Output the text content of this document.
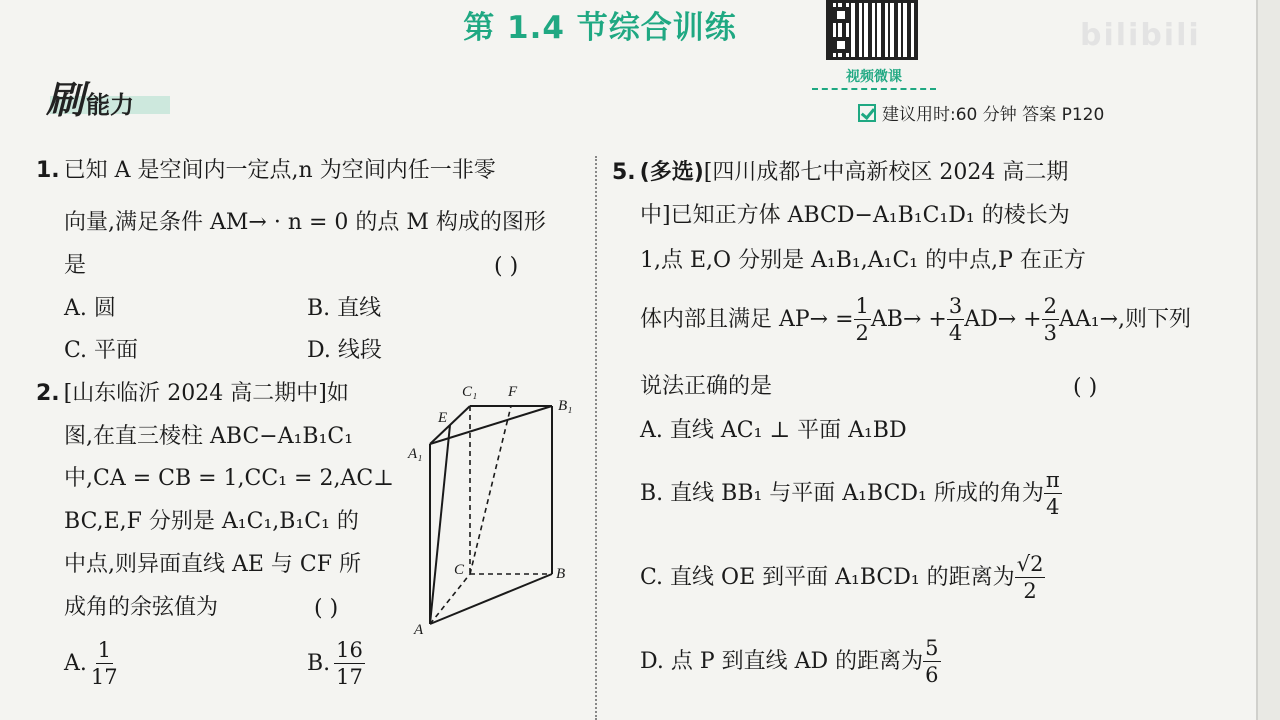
第 1.4 节综合训练
视频微课
bilibili
刷 能力	建议用时:60 分钟 答案 P120
1. 已知 A 是空间内一定点,n 为空间内任一非零
向量,满足条件 AM→ · n = 0 的点 M 构成的图形
是	( )
A. 圆	B. 直线
C. 平面	D. 线段
2. [山东临沂 2024 高二期中]如
图,在直三棱柱 ABC−A₁B₁C₁
中,CA = CB = 1,CC₁ = 2,AC⊥
BC,E,F 分别是 A₁C₁,B₁C₁ 的
中点,则异面直线 AE 与 CF 所
成角的余弦值为	( )
A. $\frac{1}{17}$	B. $\frac{16}{17}$
C₁ F
B₁
E
A₁
C	B
A
5. (多选)[四川成都七中高新校区 2024 高二期
中]已知正方体 ABCD−A₁B₁C₁D₁ 的棱长为
1,点 E,O 分别是 A₁B₁,A₁C₁ 的中点,P 在正方
体内部且满足 $AP\to = \frac{1}{2} AB\to + \frac{3}{4} AD\to + \frac{2}{3} AA_1\to$,则下列
说法正确的是	( )
A. 直线 AC₁ ⊥ 平面 A₁BD
B. 直线 BB₁ 与平面 A₁BCD₁ 所成的角为 $\frac{\pi}{4}$
C. 直线 OE 到平面 A₁BCD₁ 的距离为 $\frac{√2}{2}$
D. 点 P 到直线 AD 的距离为 $\frac{5}{6}$
